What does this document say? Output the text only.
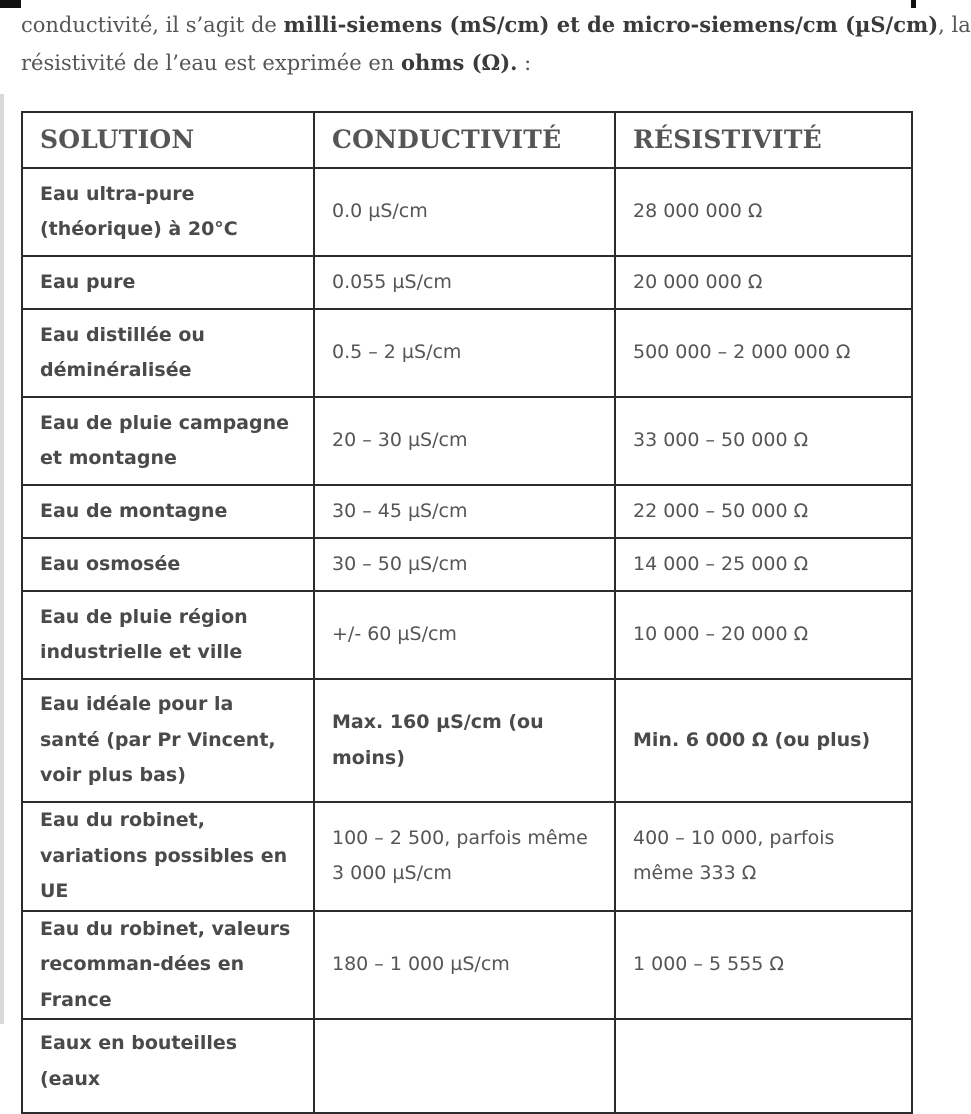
conductivité, il s’agit de milli-siemens (mS/cm) et de micro-siemens/cm (µS/cm), la
résistivité de l’eau est exprimée en ohms (Ω). :
SOLUTION	CONDUCTIVITÉ	RÉSISTIVITÉ
Eau ultra-pure (théorique) à 20°C	0.0 µS/cm	28 000 000 Ω
Eau pure	0.055 µS/cm	20 000 000 Ω
Eau distillée ou déminéralisée	0.5 – 2 µS/cm	500 000 – 2 000 000 Ω
Eau de pluie campagne et montagne	20 – 30 µS/cm	33 000 – 50 000 Ω
Eau de montagne	30 – 45 µS/cm	22 000 – 50 000 Ω
Eau osmosée	30 – 50 µS/cm	14 000 – 25 000 Ω
Eau de pluie région industrielle et ville	+/- 60 µS/cm	10 000 – 20 000 Ω
Eau idéale pour la santé (par Pr Vincent, voir plus bas)	Max. 160 µS/cm (ou moins)	Min. 6 000 Ω (ou plus)
Eau du robinet, variations possibles en UE	100 – 2 500, parfois même 3 000 µS/cm	400 – 10 000, parfois même 333 Ω
Eau du robinet, valeurs recomman-dées en France	180 – 1 000 µS/cm	1 000 – 5 555 Ω
Eaux en bouteilles (eaux		
